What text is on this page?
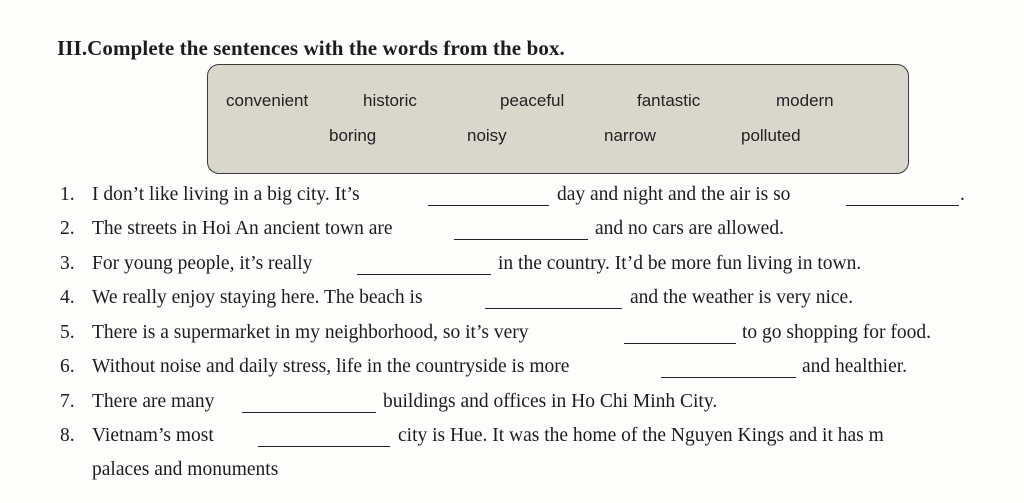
III.Complete the sentences with the words from the box.
convenient	historic	peaceful	fantastic	modern
boring	noisy	narrow	polluted
1. I don’t like living in a big city. It’s	day and night and the air is so	.
2. The streets in Hoi An ancient town are	and no cars are allowed.
3. For young people, it’s really	in the country. It’d be more fun living in town.
4. We really enjoy staying here. The beach is	and the weather is very nice.
5. There is a supermarket in my neighborhood, so it’s very	to go shopping for food.
6. Without noise and daily stress, life in the countryside is more	and healthier.
7. There are many	buildings and offices in Ho Chi Minh City.
8. Vietnam’s most	city is Hue. It was the home of the Nguyen Kings and it has m
palaces and monuments
